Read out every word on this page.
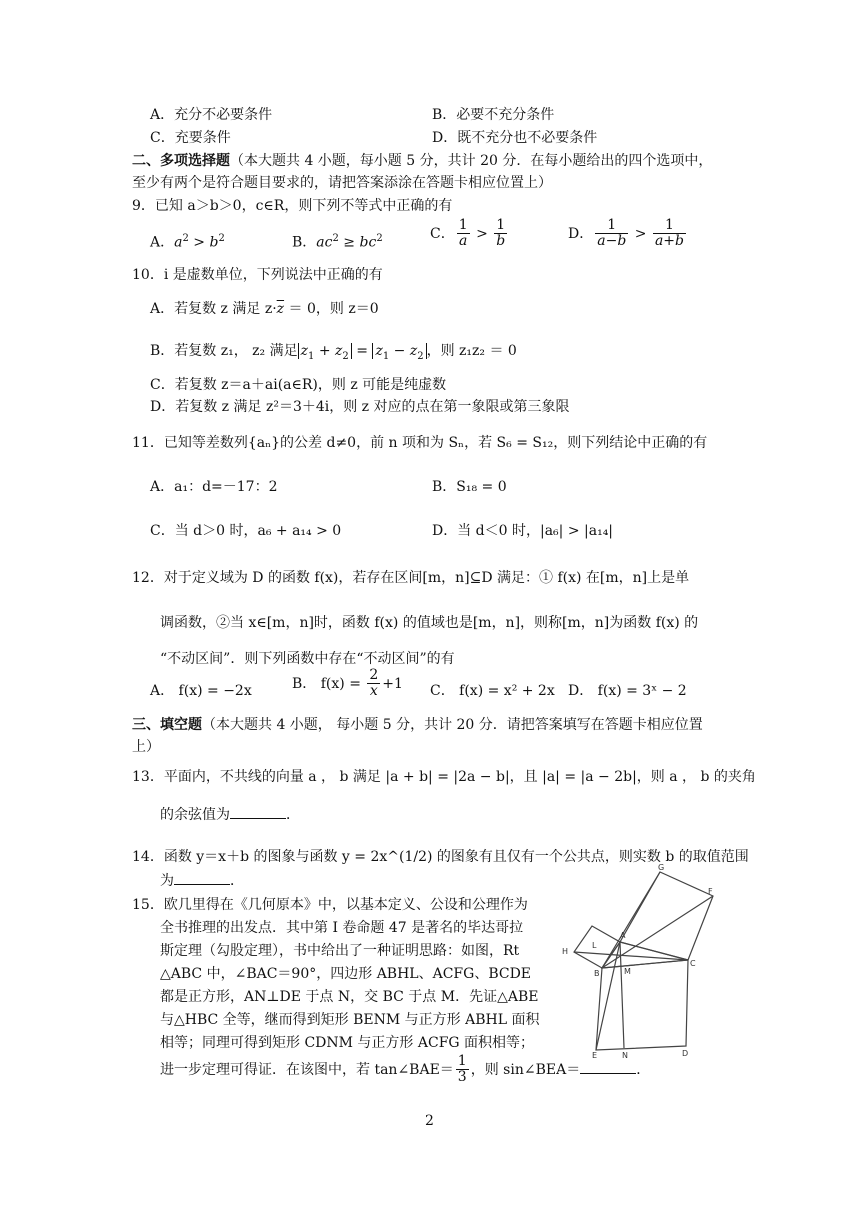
A．充分不必要条件	B．必要不充分条件
C．充要条件	D．既不充分也不必要条件
二、多项选择题（本大题共 4 小题，每小题 5 分，共计 20 分．在每小题给出的四个选项中，
至少有两个是符合题目要求的，请把答案添涂在答题卡相应位置上）
9．已知 a＞b＞0，c∈R，则下列不等式中正确的有
A．$a^2 > b^2$	B．$ac^2 \ge bc^2$	C． $\frac{1}{a} > \frac{1}{b}$	D． $\frac{1}{a-b} > \frac{1}{a+b}$
10．i 是虚数单位，下列说法中正确的有
A．若复数 z 满足 $z\cdot\overline{z} = 0$，则 z＝0
B．若复数 z₁， z₂ 满足 $z_1 + z_2 = z_1 - z_2$ ，则 z₁z₂ ＝ 0
C．若复数 z＝a＋ai(a∈R)，则 z 可能是纯虚数
D．若复数 z 满足 z²＝3＋4i，则 z 对应的点在第一象限或第三象限
11．已知等差数列{aₙ}的公差 d≠0，前 n 项和为 Sₙ，若 S₆ = S₁₂，则下列结论中正确的有
A．a₁：d=－17：2	B．S₁₈ = 0
C．当 d＞0 时，a₆ + a₁₄ > 0	D．当 d＜0 时，|a₆| > |a₁₄|
12．对于定义域为 D 的函数 f(x)，若存在区间[m，n]⊆D 满足：① f(x) 在[m，n]上是单
调函数，②当 x∈[m，n]时，函数 f(x) 的值域也是[m，n]，则称[m，n]为函数 f(x) 的
“不动区间”．则下列函数中存在“不动区间”的有
A． f(x) = −2x	B． $f(x) = \frac{2}{x} +1$ C． f(x) = x² + 2x D． f(x) = 3ˣ − 2
三、填空题（本大题共 4 小题， 每小题 5 分，共计 20 分．请把答案填写在答题卡相应位置
上）
13．平面内，不共线的向量 a ， b 满足 |a + b| = |2a − b|，且 |a| = |a − 2b|，则 a ， b 的夹角
的余弦值为	．
14．函数 y＝x＋b 的图象与函数 y = 2x^(1/2) 的图象有且仅有一个公共点，则实数 b 的取值范围
为	．
15．欧几里得在《几何原本》中，以基本定义、公设和公理作为
全书推理的出发点．其中第 I 卷命题 47 是著名的毕达哥拉
斯定理（勾股定理），书中给出了一种证明思路：如图，Rt
△ABC 中，∠BAC＝90°，四边形 ABHL、ACFG、BCDE
都是正方形，AN⊥DE 于点 N，交 BC 于点 M．先证△ABE
与△HBC 全等，继而得到矩形 BENM 与正方形 ABHL 面积
相等；同理可得到矩形 CDNM 与正方形 ACFG 面积相等；
进一步定理可得证．在该图中，若 tan∠BAE＝ $\frac{1}{3}$ ，则 sin∠BEA＝	．
G
F
A
H
L
B	M
C
E	N	D
2
